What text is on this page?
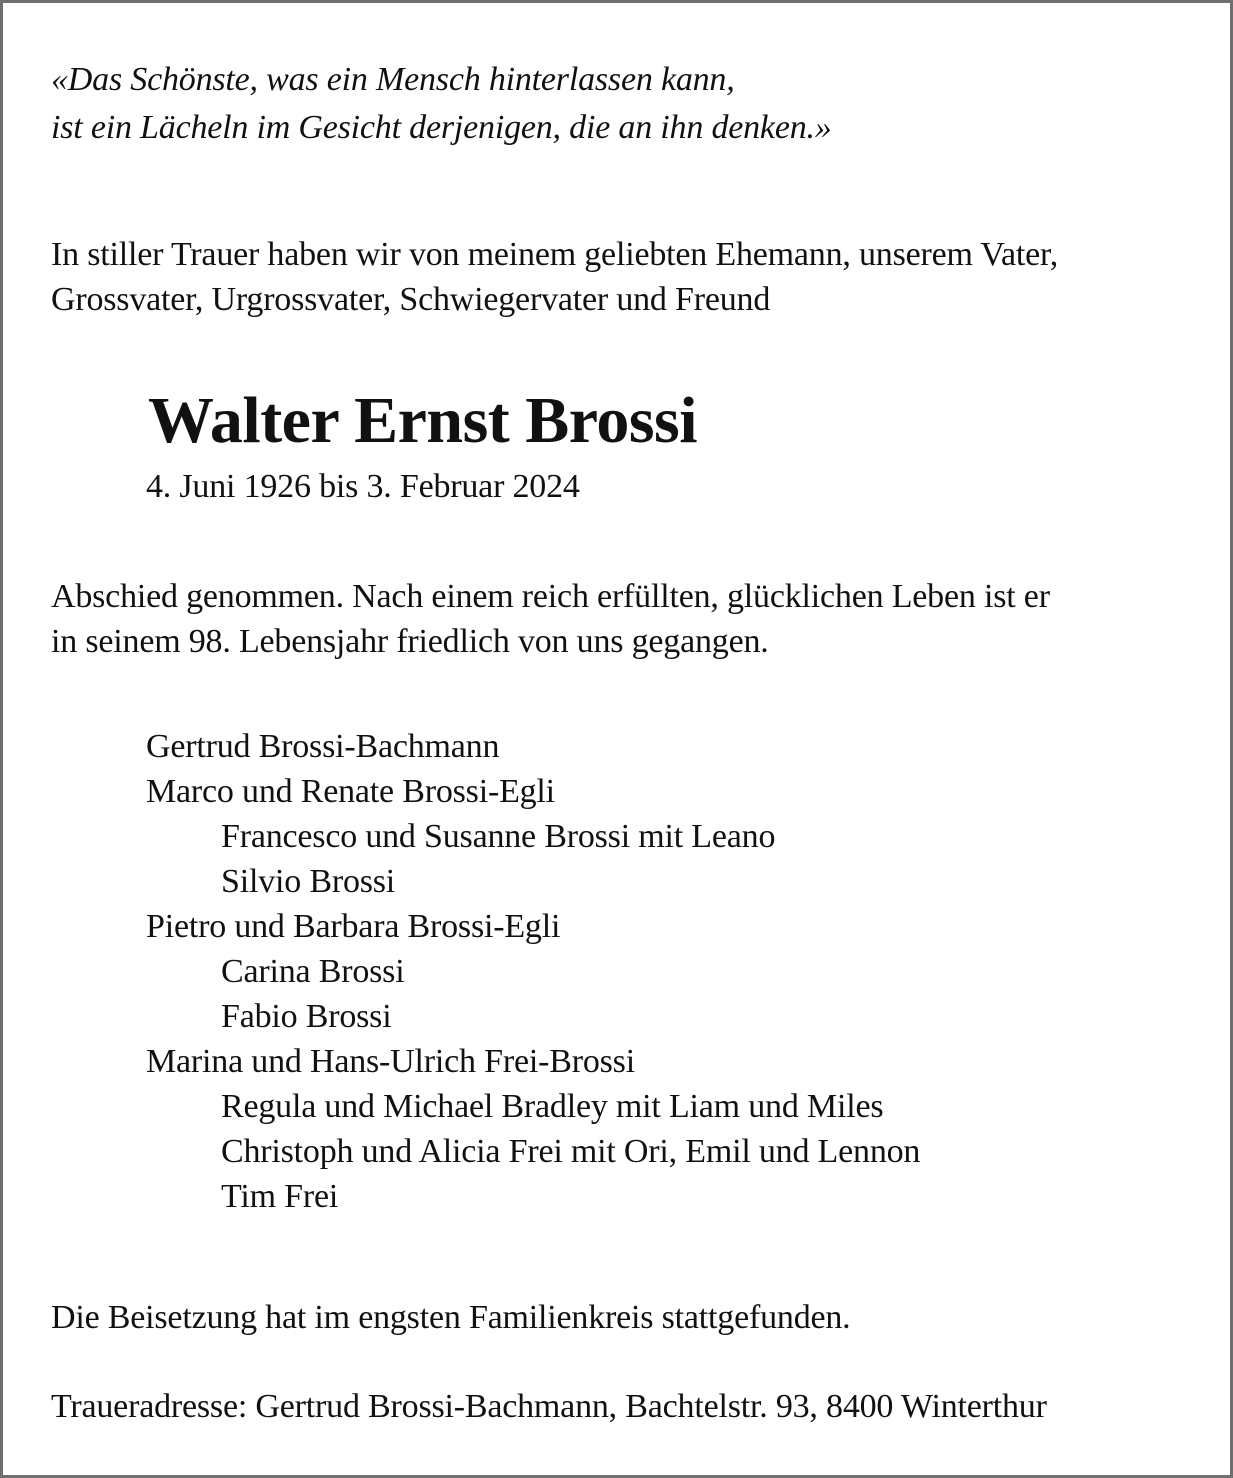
«Das Schönste, was ein Mensch hinterlassen kann,
ist ein Lächeln im Gesicht derjenigen, die an ihn denken.»
In stiller Trauer haben wir von meinem geliebten Ehemann, unserem Vater,
Grossvater, Urgrossvater, Schwiegervater und Freund
Walter Ernst Brossi
4. Juni 1926 bis 3. Februar 2024
Abschied genommen. Nach einem reich erfüllten, glücklichen Leben ist er
in seinem 98. Lebensjahr friedlich von uns gegangen.
Gertrud Brossi-Bachmann
Marco und Renate Brossi-Egli
Francesco und Susanne Brossi mit Leano
Silvio Brossi
Pietro und Barbara Brossi-Egli
Carina Brossi
Fabio Brossi
Marina und Hans-Ulrich Frei-Brossi
Regula und Michael Bradley mit Liam und Miles
Christoph und Alicia Frei mit Ori, Emil und Lennon
Tim Frei
Die Beisetzung hat im engsten Familienkreis stattgefunden.
Traueradresse: Gertrud Brossi-Bachmann, Bachtelstr. 93, 8400 Winterthur
